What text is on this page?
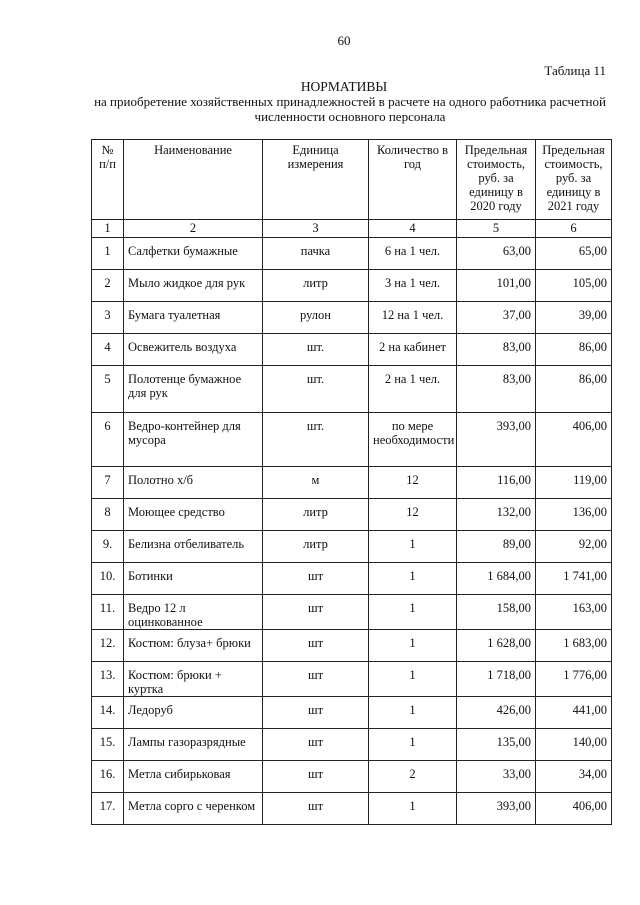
60
Таблица 11
НОРМАТИВЫ
на приобретение хозяйственных принадлежностей в расчете на одного работника расчетной численности основного персонала
№ п/п	Наименование	Единица измерения	Количество в год	Предельная стоимость, руб. за единицу в 2020 году	Предельная стоимость, руб. за единицу в 2021 году
1	2	3	4	5	6
1	Салфетки бумажные	пачка	6 на 1 чел.	63,00	65,00
2	Мыло жидкое для рук	литр	3 на 1 чел.	101,00	105,00
3	Бумага туалетная	рулон	12 на 1 чел.	37,00	39,00
4	Освежитель воздуха	шт.	2 на кабинет	83,00	86,00
5	Полотенце бумажное для рук	шт.	2 на 1 чел.	83,00	86,00
6	Ведро-контейнер для мусора	шт.	по мере необходимости	393,00	406,00
7	Полотно х/б	м	12	116,00	119,00
8	Моющее средство	литр	12	132,00	136,00
9.	Белизна отбеливатель	литр	1	89,00	92,00
10.	Ботинки	шт	1	1 684,00	1 741,00
11.	Ведро 12 л оцинкованное	шт	1	158,00	163,00
12.	Костюм: блуза+ брюки	шт	1	1 628,00	1 683,00
13.	Костюм: брюки + куртка	шт	1	1 718,00	1 776,00
14.	Ледоруб	шт	1	426,00	441,00
15.	Лампы газоразрядные	шт	1	135,00	140,00
16.	Метла сибирьковая	шт	2	33,00	34,00
17.	Метла сорго с черенком	шт	1	393,00	406,00
